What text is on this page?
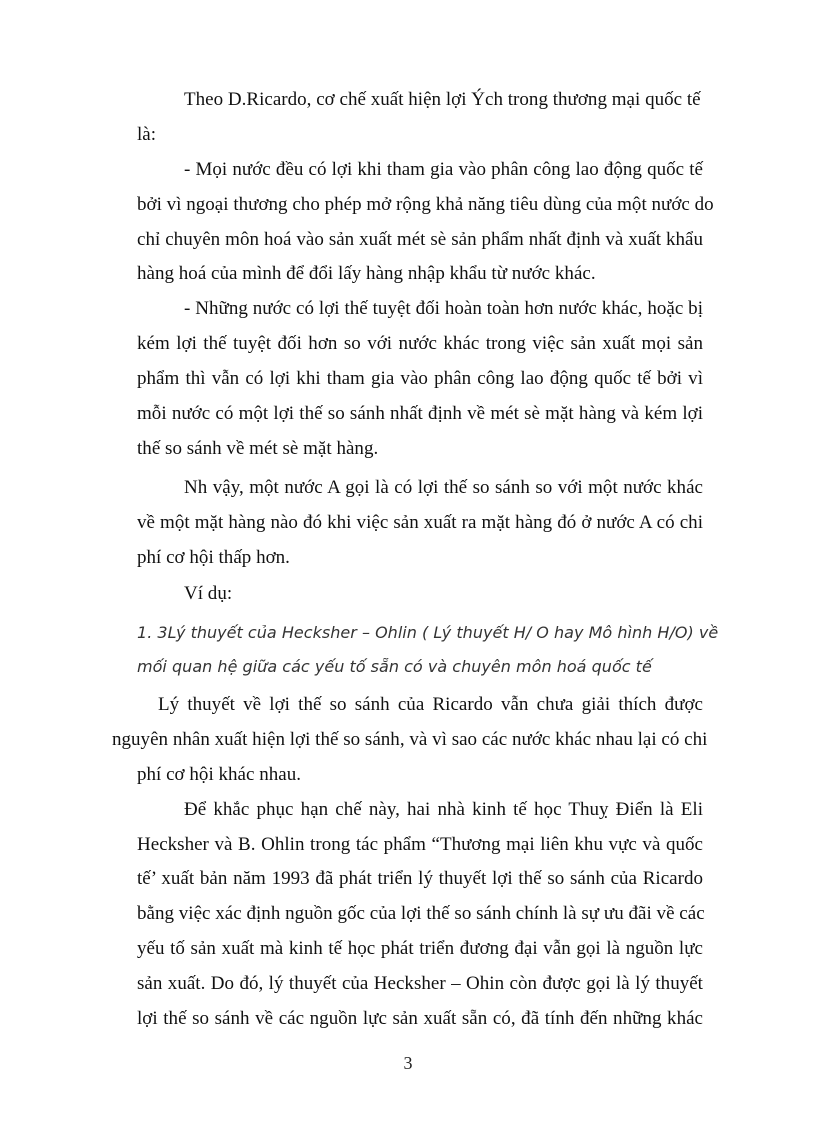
Theo D.Ricardo, cơ chế xuất hiện lợi Ých trong thương mại quốc tế

là:

- Mọi nước đều có lợi khi tham gia vào phân công lao động quốc tế

bởi vì ngoại thương cho phép mở rộng khả năng tiêu dùng của một nước do

chỉ chuyên môn hoá vào sản xuất mét sè sản phẩm nhất định và xuất khẩu

hàng hoá của mình để đổi lấy hàng nhập khẩu từ nước khác.

- Những nước có lợi thế tuyệt đối hoàn toàn hơn nước khác, hoặc bị

kém lợi thế tuyệt đối hơn so với nước khác trong việc sản xuất mọi sản

phẩm thì vẫn có lợi khi tham gia vào phân công lao động quốc tế bởi vì

mỗi nước có một lợi thế so sánh nhất định về mét sè mặt hàng và kém lợi

thế so sánh về mét sè mặt hàng.

Nh vậy, một nước A gọi là có lợi thế so sánh so với một nước khác

về một mặt hàng nào đó khi việc sản xuất ra mặt hàng đó ở nước A có chi

phí cơ hội thấp hơn.

Ví dụ:

1. 3Lý thuyết của Hecksher – Ohlin ( Lý thuyết H/ O hay Mô hình H/O) về

mối quan hệ giữa các yếu tố sẵn có và chuyên môn hoá quốc tế

Lý thuyết về lợi thế so sánh của Ricardo vẫn chưa giải thích được

nguyên nhân xuất hiện lợi thế so sánh, và vì sao các nước khác nhau lại có chi

phí cơ hội khác nhau.

Để khắc phục hạn chế này, hai nhà kinh tế học Thuỵ Điển là Eli

Hecksher và B. Ohlin trong tác phẩm “Thương mại liên khu vực và quốc

tế’ xuất bản năm 1993 đã phát triển lý thuyết lợi thế so sánh của Ricardo

bằng việc xác định nguồn gốc của lợi thế so sánh chính là sự ưu đãi về các

yếu tố sản xuất mà kinh tế học phát triển đương đại vẫn gọi là nguồn lực

sản xuất. Do đó, lý thuyết của Hecksher – Ohin còn được gọi là lý thuyết

lợi thế so sánh về các nguồn lực sản xuất sẵn có, đã tính đến những khác

3
